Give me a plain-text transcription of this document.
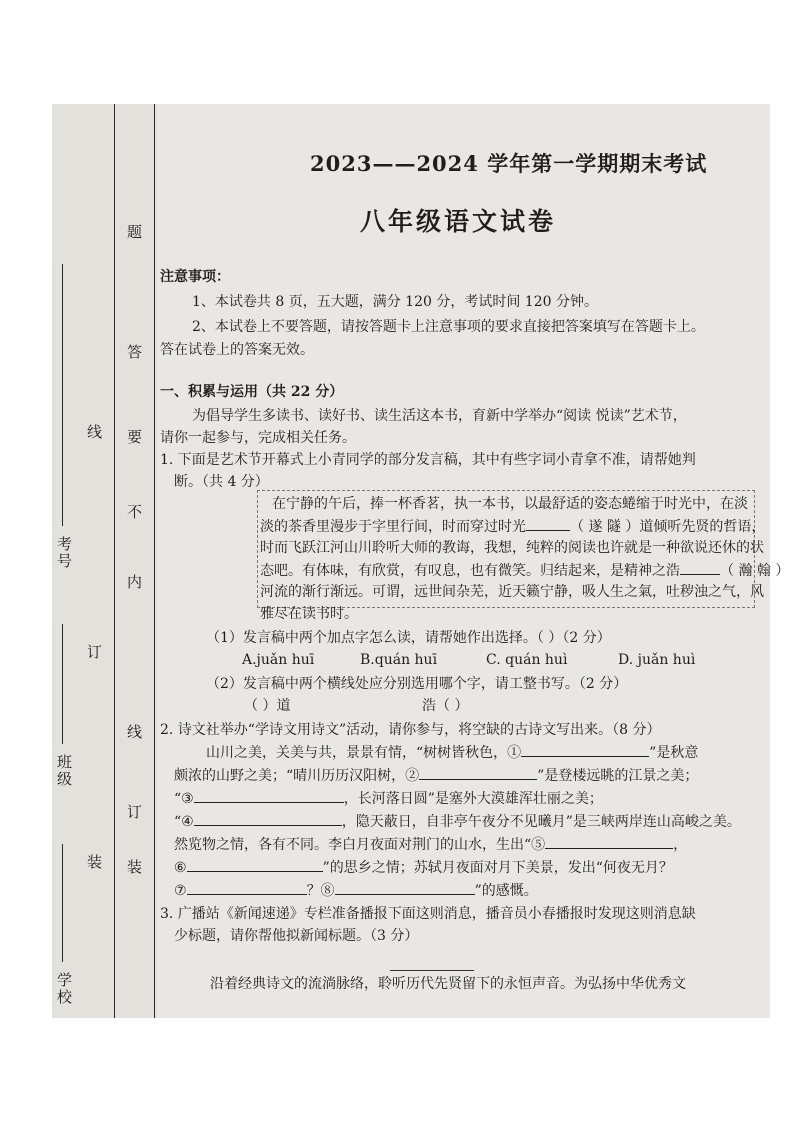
学校
班级
考号
装
订
线
装
订
线
内
不
要
答
题
2023——2024 学年第一学期期末考试
八年级语文试卷
注意事项：
1、本试卷共 8 页，五大题，满分 120 分，考试时间 120 分钟。
2、本试卷上不要答题，请按答题卡上注意事项的要求直接把答案填写在答题卡上。
答在试卷上的答案无效。
一、积累与运用（共 22 分）
为倡导学生多读书、读好书、读生活这本书，育新中学举办“阅读 悦读”艺术节，
请你一起参与，完成相关任务。
1. 下面是艺术节开幕式上小青同学的部分发言稿，其中有些字词小青拿不准，请帮她判
断。（共 4 分）
在宁静的午后，捧一杯香茗，执一本书，以最舒适的姿态蜷缩于时光中，在淡
淡的茶香里漫步于字里行间，时而穿过时光	（ 遂 隧 ）道倾听先贤的哲语，
时而飞跃江河山川聆听大师的教诲，我想，纯粹的阅读也许就是一种欲说还休的状
态吧。有体味，有欣赏，有叹息，也有微笑。归结起来，是精神之浩	（ 瀚 翰 ）
河流的渐行渐远。可谓，远世间杂芜，近天籁宁静，吸人生之氣，吐秽浊之气，风
雅尽在读书时。
（1）发言稿中两个加点字怎么读，请帮她作出选择。（ ）（2 分）
A.juǎn huī	B.quán huī	C. quán huì	D. juǎn huì
（2）发言稿中两个横线处应分别选用哪个字，请工整书写。（2 分）
（ ）道	浩（ ）
2. 诗文社举办“学诗文用诗文”活动，请你参与，将空缺的古诗文写出来。（8 分）
山川之美，关美与共，景景有情，“树树皆秋色，①	”是秋意
颇浓的山野之美；“晴川历历汉阳树，②	”是登楼远眺的江景之美；
“③	，长河落日圆”是塞外大漠雄浑壮丽之美；
“④	，隐天蔽日，自非亭午夜分不见曦月”是三峡两岸连山高峻之美。
然览物之情，各有不同。李白月夜面对荆门的山水，生出“⑤	，
⑥	”的思乡之情；苏轼月夜面对月下美景，发出“何夜无月？
⑦	？⑧	”的感慨。
3. 广播站《新闻速递》专栏准备播报下面这则消息，播音员小春播报时发现这则消息缺
少标题，请你帮他拟新闻标题。（3 分）
沿着经典诗文的流淌脉络，聆听历代先贤留下的永恒声音。为弘扬中华优秀文
